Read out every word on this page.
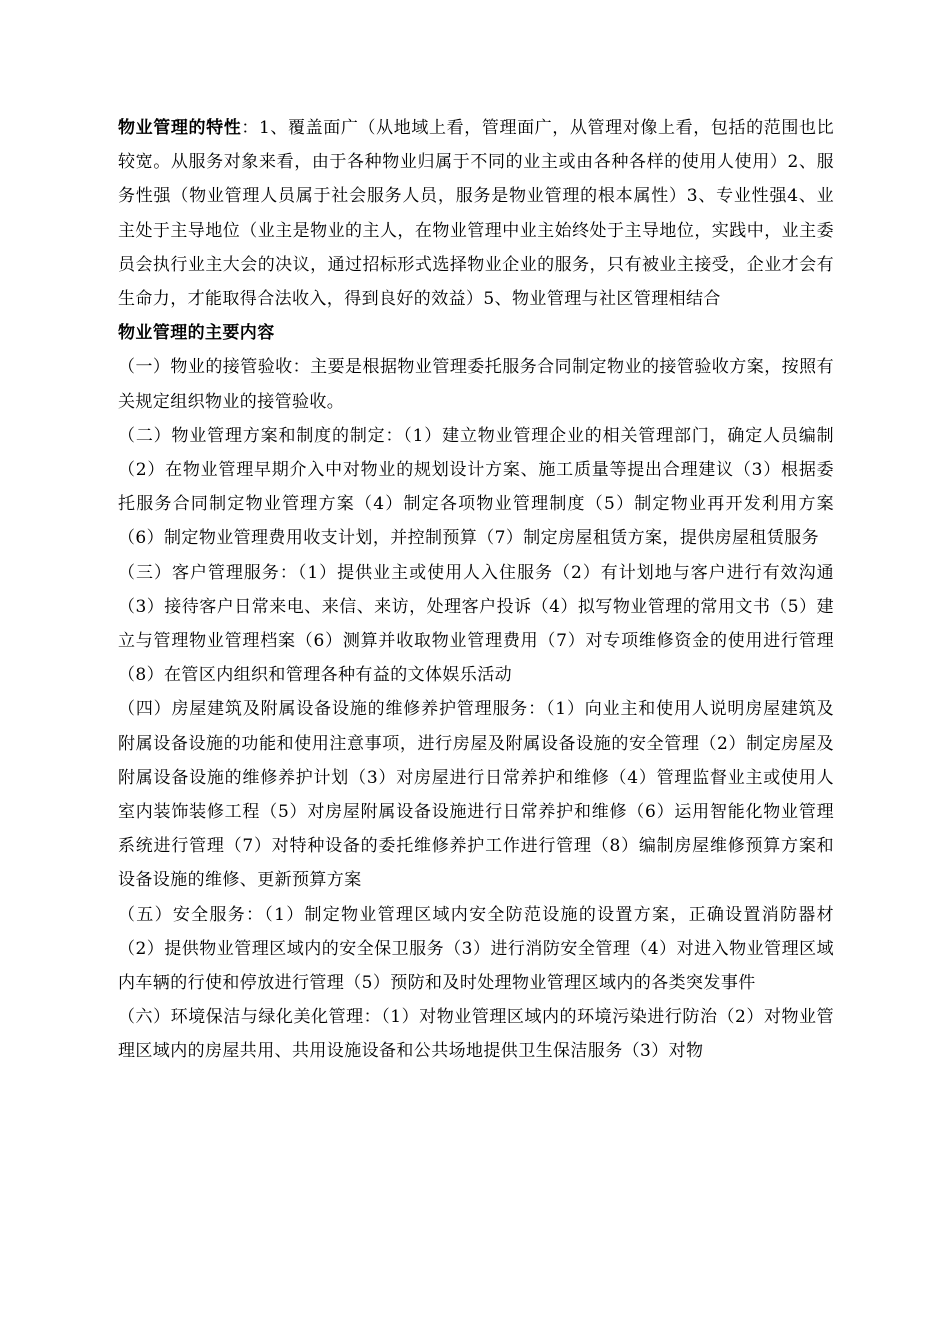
物业管理的特性：1、覆盖面广（从地域上看，管理面广，从管理对像上看，包括的范围也比较宽。从服务对象来看，由于各种物业归属于不同的业主或由各种各样的使用人使用）2、服务性强（物业管理人员属于社会服务人员，服务是物业管理的根本属性）3、专业性强4、业主处于主导地位（业主是物业的主人，在物业管理中业主始终处于主导地位，实践中，业主委员会执行业主大会的决议，通过招标形式选择物业企业的服务，只有被业主接受，企业才会有生命力，才能取得合法收入，得到良好的效益）5、物业管理与社区管理相结合

物业管理的主要内容

（一）物业的接管验收：主要是根据物业管理委托服务合同制定物业的接管验收方案，按照有关规定组织物业的接管验收。

（二）物业管理方案和制度的制定：（1）建立物业管理企业的相关管理部门，确定人员编制（2）在物业管理早期介入中对物业的规划设计方案、施工质量等提出合理建议（3）根据委托服务合同制定物业管理方案（4）制定各项物业管理制度（5）制定物业再开发利用方案（6）制定物业管理费用收支计划，并控制预算（7）制定房屋租赁方案，提供房屋租赁服务

（三）客户管理服务：（1）提供业主或使用人入住服务（2）有计划地与客户进行有效沟通（3）接待客户日常来电、来信、来访，处理客户投诉（4）拟写物业管理的常用文书（5）建立与管理物业管理档案（6）测算并收取物业管理费用（7）对专项维修资金的使用进行管理（8）在管区内组织和管理各种有益的文体娱乐活动

（四）房屋建筑及附属设备设施的维修养护管理服务：（1）向业主和使用人说明房屋建筑及附属设备设施的功能和使用注意事项，进行房屋及附属设备设施的安全管理（2）制定房屋及附属设备设施的维修养护计划（3）对房屋进行日常养护和维修（4）管理监督业主或使用人室内装饰装修工程（5）对房屋附属设备设施进行日常养护和维修（6）运用智能化物业管理系统进行管理（7）对特种设备的委托维修养护工作进行管理（8）编制房屋维修预算方案和设备设施的维修、更新预算方案

（五）安全服务：（1）制定物业管理区域内安全防范设施的设置方案，正确设置消防器材（2）提供物业管理区域内的安全保卫服务（3）进行消防安全管理（4）对进入物业管理区域内车辆的行使和停放进行管理（5）预防和及时处理物业管理区域内的各类突发事件

（六）环境保洁与绿化美化管理：（1）对物业管理区域内的环境污染进行防治（2）对物业管理区域内的房屋共用、共用设施设备和公共场地提供卫生保洁服务（3）对物
